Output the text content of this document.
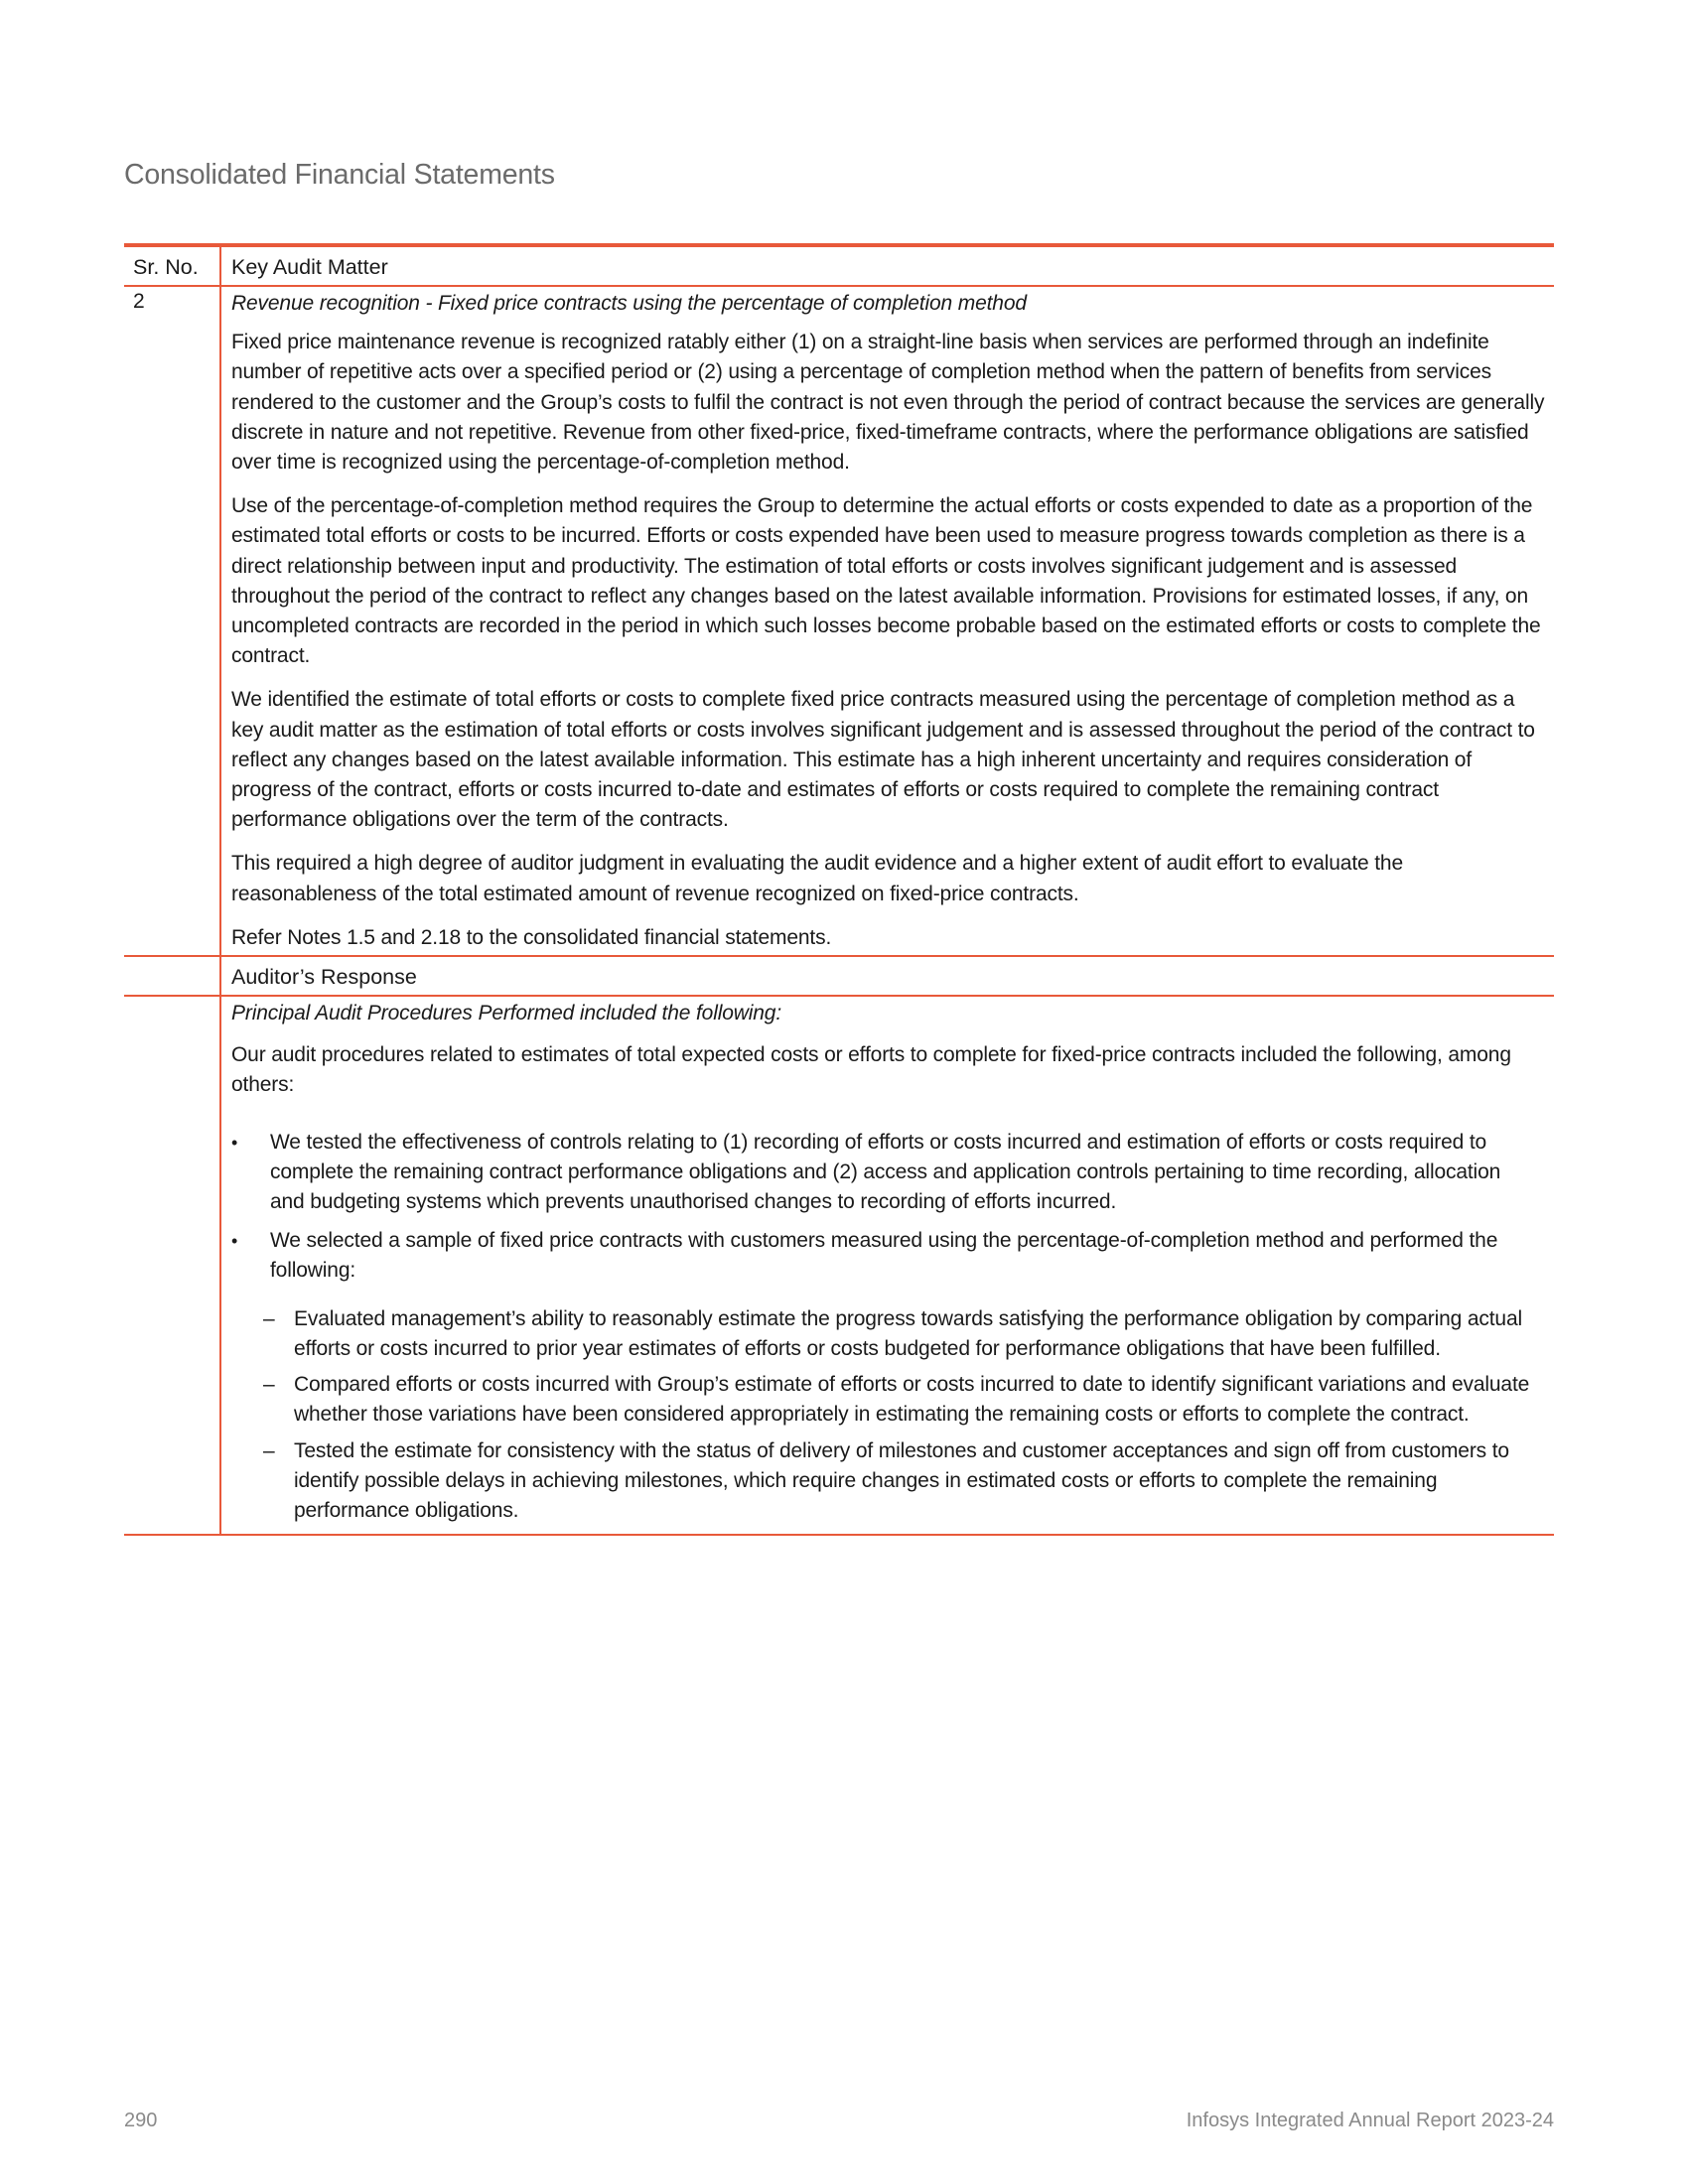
Consolidated Financial Statements
Sr. No.	Key Audit Matter
2	Revenue recognition - Fixed price contracts using the percentage of completion method

Fixed price maintenance revenue is recognized ratably either (1) on a straight-line basis when services are performed through an indefinite number of repetitive acts over a specified period or (2) using a percentage of completion method when the pattern of benefits from services rendered to the customer and the Group’s costs to fulfil the contract is not even through the period of contract because the services are generally discrete in nature and not repetitive. Revenue from other fixed-price, fixed-timeframe contracts, where the performance obligations are satisfied over time is recognized using the percentage-of-completion method.

Use of the percentage-of-completion method requires the Group to determine the actual efforts or costs expended to date as a proportion of the estimated total efforts or costs to be incurred. Efforts or costs expended have been used to measure progress towards completion as there is a direct relationship between input and productivity. The estimation of total efforts or costs involves significant judgement and is assessed throughout the period of the contract to reflect any changes based on the latest available information. Provisions for estimated losses, if any, on uncompleted contracts are recorded in the period in which such losses become probable based on the estimated efforts or costs to complete the contract.

We identified the estimate of total efforts or costs to complete fixed price contracts measured using the percentage of completion method as a key audit matter as the estimation of total efforts or costs involves significant judgement and is assessed throughout the period of the contract to reflect any changes based on the latest available information. This estimate has a high inherent uncertainty and requires consideration of progress of the contract, efforts or costs incurred to-date and estimates of efforts or costs required to complete the remaining contract performance obligations over the term of the contracts.

This required a high degree of auditor judgment in evaluating the audit evidence and a higher extent of audit effort to evaluate the reasonableness of the total estimated amount of revenue recognized on fixed-price contracts.

Refer Notes 1.5 and 2.18 to the consolidated financial statements.

Auditor’s Response
Principal Audit Procedures Performed included the following:

Our audit procedures related to estimates of total expected costs or efforts to complete for fixed-price contracts included the following, among others:

•	We tested the effectiveness of controls relating to (1) recording of efforts or costs incurred and estimation of efforts or costs required to complete the remaining contract performance obligations and (2) access and application controls pertaining to time recording, allocation and budgeting systems which prevents unauthorised changes to recording of efforts incurred.
•	We selected a sample of fixed price contracts with customers measured using the percentage-of-completion method and performed the following:
– Evaluated management’s ability to reasonably estimate the progress towards satisfying the performance obligation by comparing actual efforts or costs incurred to prior year estimates of efforts or costs budgeted for performance obligations that have been fulfilled.
– Compared efforts or costs incurred with Group’s estimate of efforts or costs incurred to date to identify significant variations and evaluate whether those variations have been considered appropriately in estimating the remaining costs or efforts to complete the contract.
– Tested the estimate for consistency with the status of delivery of milestones and customer acceptances and sign off from customers to identify possible delays in achieving milestones, which require changes in estimated costs or efforts to complete the remaining performance obligations.
290	Infosys Integrated Annual Report 2023-24
